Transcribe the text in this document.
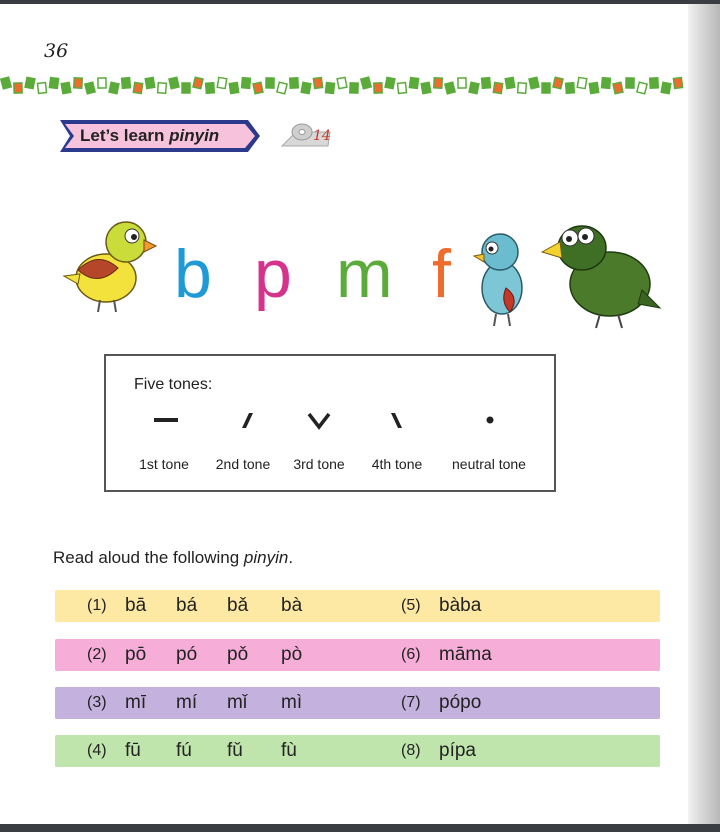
36
Let’s learn pinyin	14
b p m f
Five tones:
1st tone	2nd tone	3rd tone	4th tone	neutral tone
Read aloud the following pinyin.
(1) bā bá bǎ bà	(5) bàba
(2) pō pó pǒ pò	(6) māma
(3) mī mí mǐ mì	(7) pópo
(4) fū fú fǔ fù	(8) pípa
